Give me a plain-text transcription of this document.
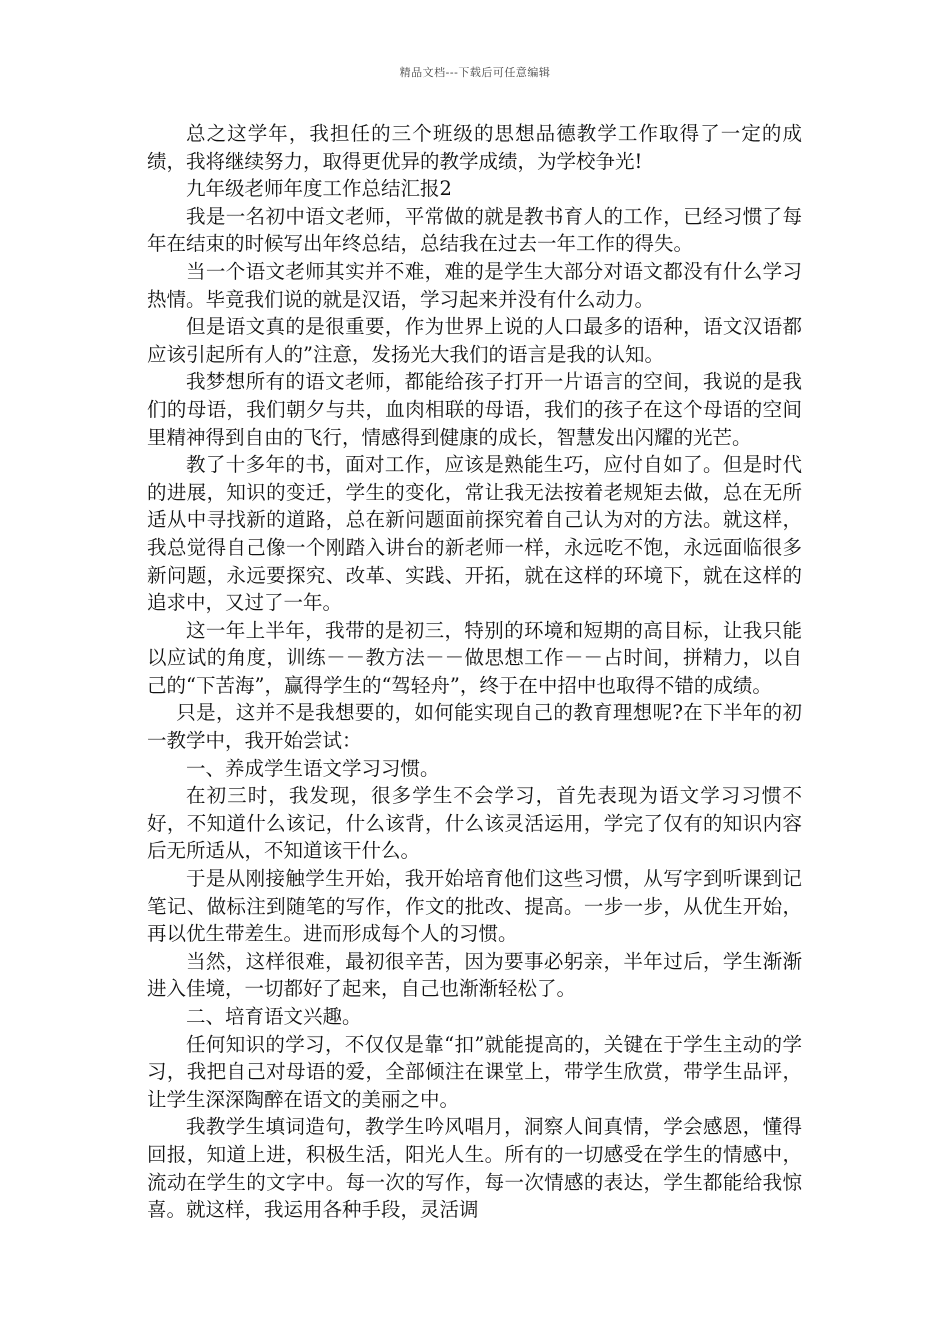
精品文档---下载后可任意编辑

总之这学年，我担任的三个班级的思想品德教学工作取得了一定的成绩，我将继续努力，取得更优异的教学成绩，为学校争光!

九年级老师年度工作总结汇报2

我是一名初中语文老师，平常做的就是教书育人的工作，已经习惯了每年在结束的时候写出年终总结，总结我在过去一年工作的得失。

当一个语文老师其实并不难，难的是学生大部分对语文都没有什么学习热情。毕竟我们说的就是汉语，学习起来并没有什么动力。

但是语文真的是很重要，作为世界上说的人口最多的语种，语文汉语都应该引起所有人的”注意，发扬光大我们的语言是我的认知。

我梦想所有的语文老师，都能给孩子打开一片语言的空间，我说的是我们的母语，我们朝夕与共，血肉相联的母语，我们的孩子在这个母语的空间里精神得到自由的飞行，情感得到健康的成长，智慧发出闪耀的光芒。

教了十多年的书，面对工作，应该是熟能生巧，应付自如了。但是时代的进展，知识的变迁，学生的变化，常让我无法按着老规矩去做，总在无所适从中寻找新的道路，总在新问题面前探究着自己认为对的方法。就这样，我总觉得自己像一个刚踏入讲台的新老师一样，永远吃不饱，永远面临很多新问题，永远要探究、改革、实践、开拓，就在这样的环境下，就在这样的追求中，又过了一年。

这一年上半年，我带的是初三，特别的环境和短期的高目标，让我只能以应试的角度，训练－－教方法－－做思想工作－－占时间，拼精力，以自己的“下苦海”，赢得学生的“驾轻舟”，终于在中招中也取得不错的成绩。

只是，这并不是我想要的，如何能实现自己的教育理想呢?在下半年的初一教学中，我开始尝试：

一、养成学生语文学习习惯。

在初三时，我发现，很多学生不会学习，首先表现为语文学习习惯不好，不知道什么该记，什么该背，什么该灵活运用，学完了仅有的知识内容后无所适从，不知道该干什么。

于是从刚接触学生开始，我开始培育他们这些习惯，从写字到听课到记笔记、做标注到随笔的写作，作文的批改、提高。一步一步，从优生开始，再以优生带差生。进而形成每个人的习惯。

当然，这样很难，最初很辛苦，因为要事必躬亲，半年过后，学生渐渐进入佳境，一切都好了起来，自己也渐渐轻松了。

二、培育语文兴趣。

任何知识的学习，不仅仅是靠“扣”就能提高的，关键在于学生主动的学习，我把自己对母语的爱，全部倾注在课堂上，带学生欣赏，带学生品评，让学生深深陶醉在语文的美丽之中。

我教学生填词造句，教学生吟风唱月，洞察人间真情，学会感恩，懂得回报，知道上进，积极生活，阳光人生。所有的一切感受在学生的情感中，流动在学生的文字中。每一次的写作，每一次情感的表达，学生都能给我惊喜。就这样，我运用各种手段，灵活调
